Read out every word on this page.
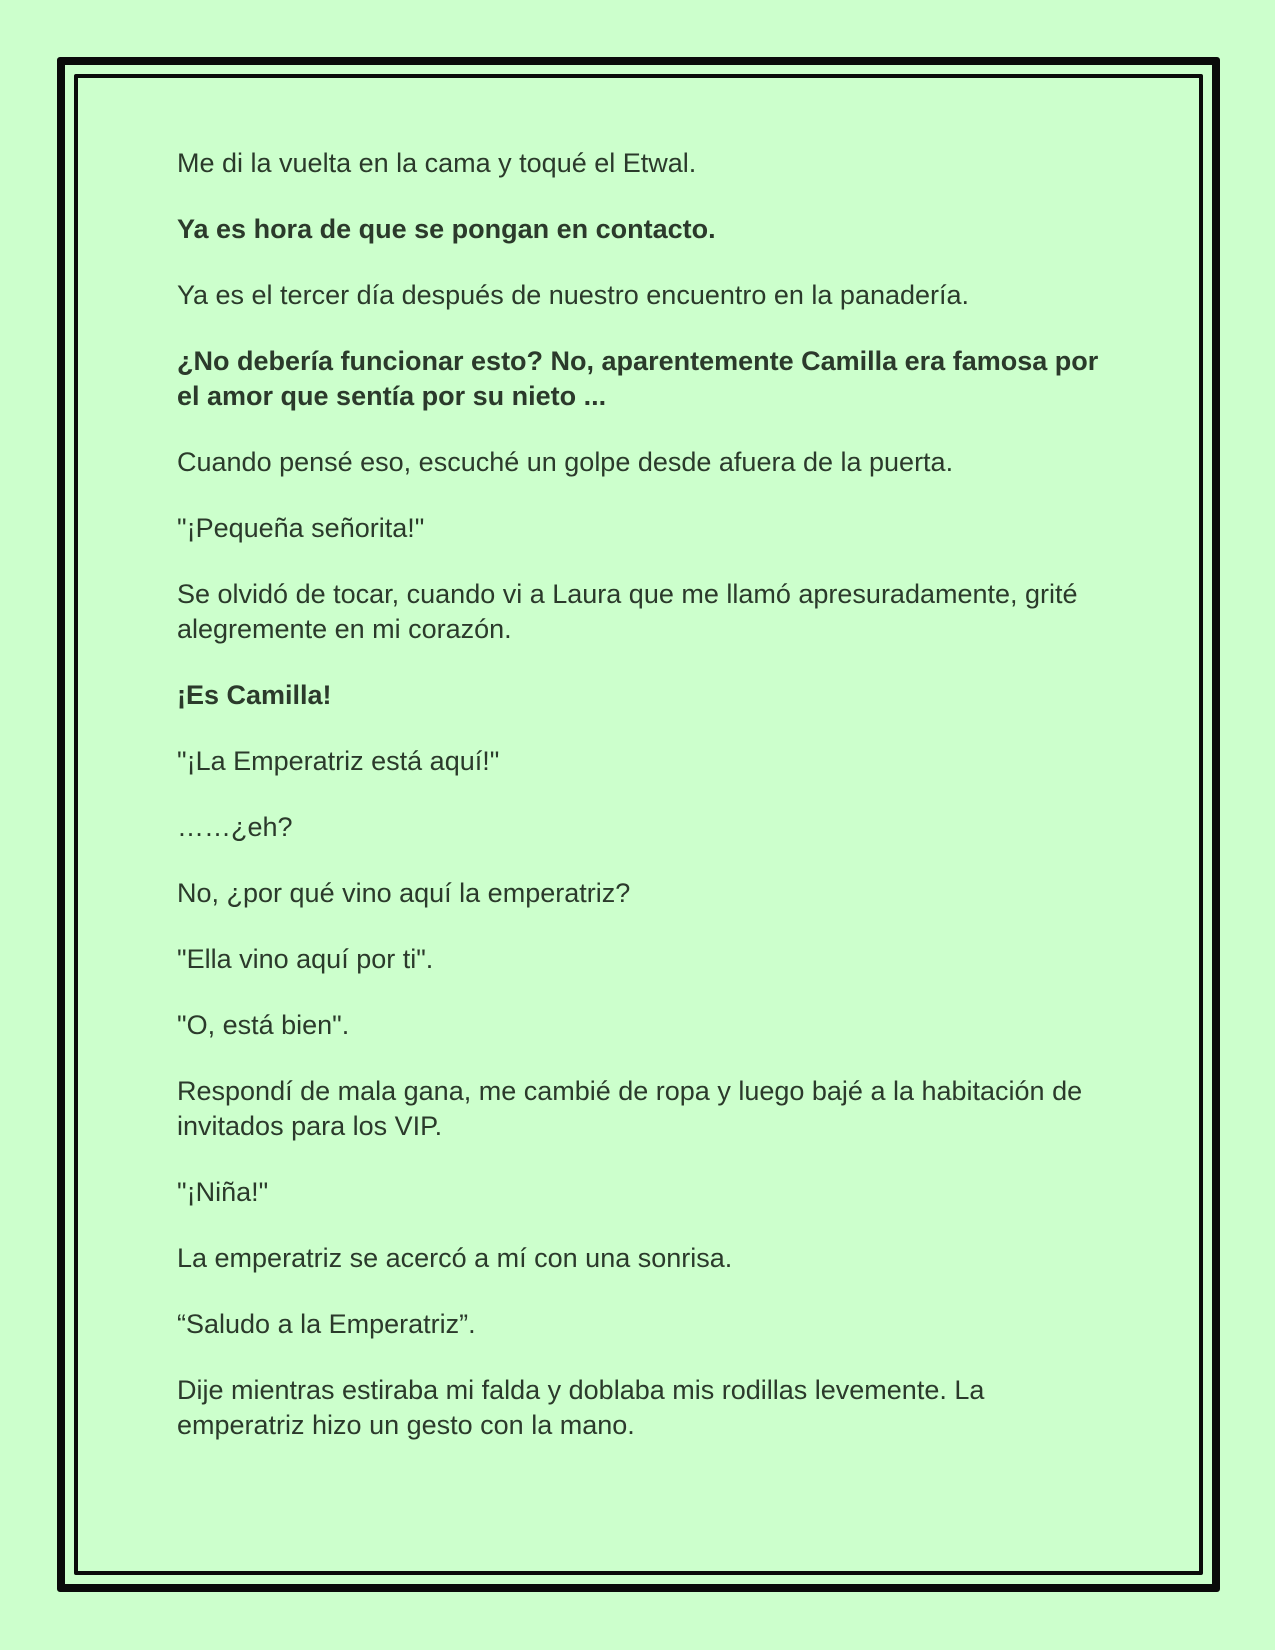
Me di la vuelta en la cama y toqué el Etwal.

Ya es hora de que se pongan en contacto.

Ya es el tercer día después de nuestro encuentro en la panadería.

¿No debería funcionar esto? No, aparentemente Camilla era famosa por el amor que sentía por su nieto ...

Cuando pensé eso, escuché un golpe desde afuera de la puerta.

"¡Pequeña señorita!"

Se olvidó de tocar, cuando vi a Laura que me llamó apresuradamente, grité alegremente en mi corazón.

¡Es Camilla!

"¡La Emperatriz está aquí!"

……¿eh?

No, ¿por qué vino aquí la emperatriz?

"Ella vino aquí por ti".

"O, está bien".

Respondí de mala gana, me cambié de ropa y luego bajé a la habitación de invitados para los VIP.

"¡Niña!"

La emperatriz se acercó a mí con una sonrisa.

“Saludo a la Emperatriz”.

Dije mientras estiraba mi falda y doblaba mis rodillas levemente. La emperatriz hizo un gesto con la mano.
